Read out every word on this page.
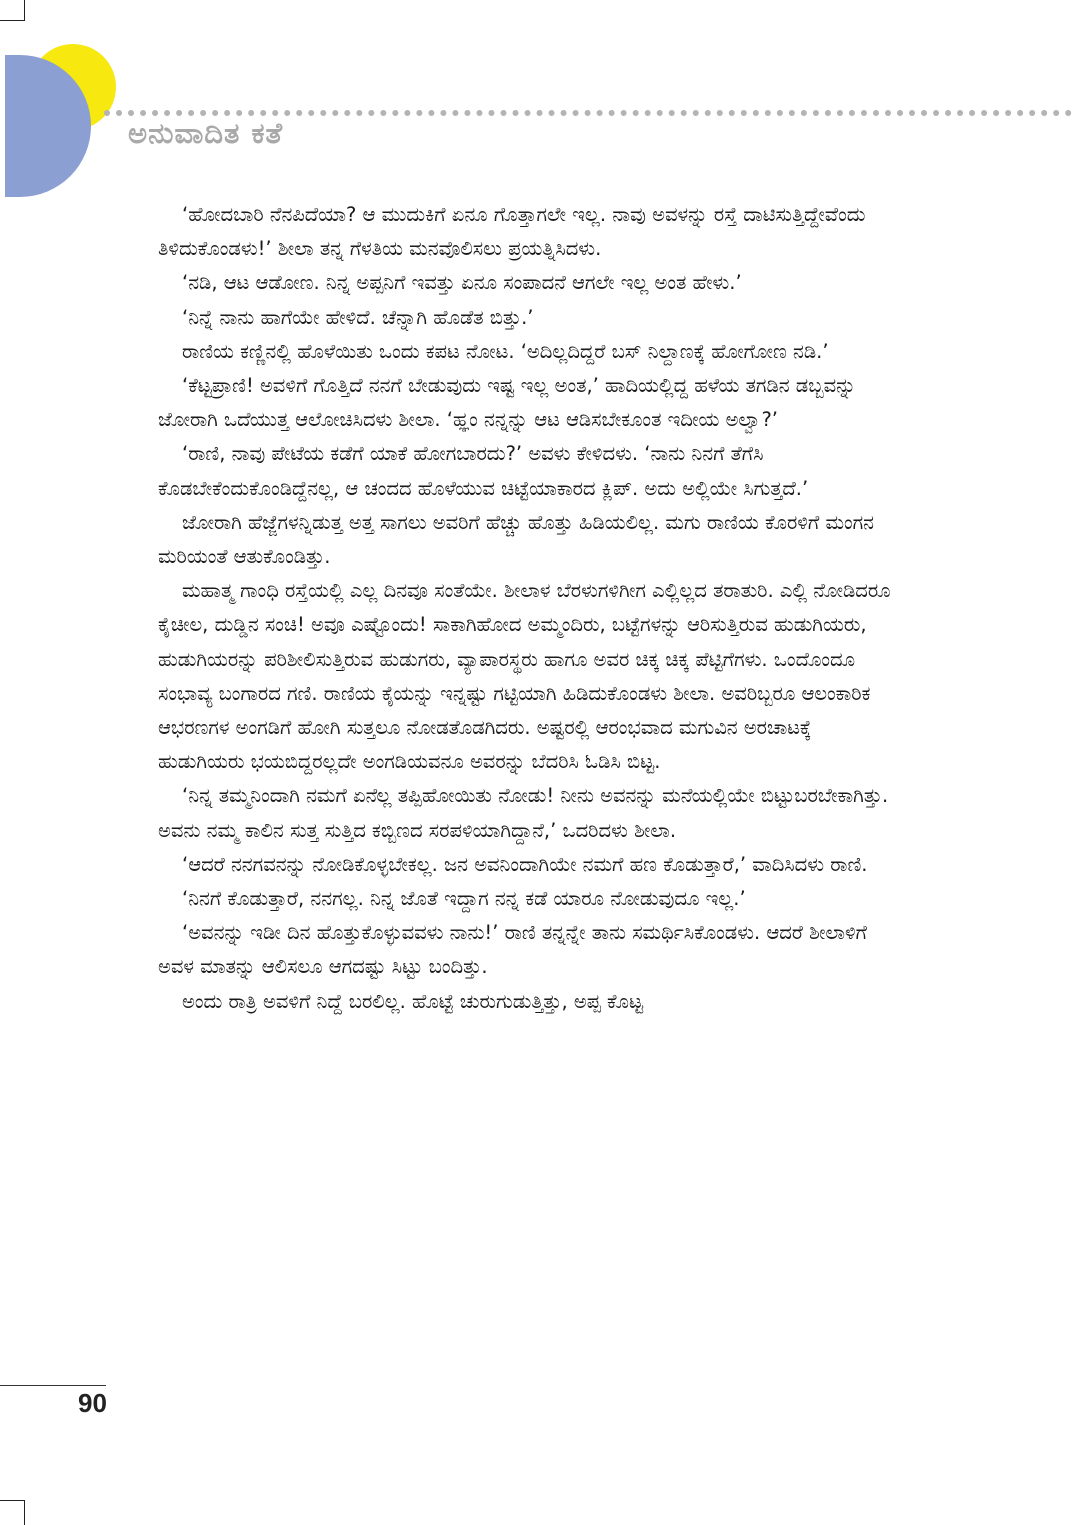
ಅನುವಾದಿತ ಕತೆ

‘ಹೋದಬಾರಿ ನೆನಪಿದೆಯಾ? ಆ ಮುದುಕಿಗೆ ಏನೂ ಗೊತ್ತಾಗಲೇ ಇಲ್ಲ. ನಾವು ಅವಳನ್ನು ರಸ್ತೆ ದಾಟಿಸುತ್ತಿದ್ದೇವೆಂದು ತಿಳಿದುಕೊಂಡಳು!’ ಶೀಲಾ ತನ್ನ ಗೆಳತಿಯ ಮನವೊಲಿಸಲು ಪ್ರಯತ್ನಿಸಿದಳು.

‘ನಡಿ, ಆಟ ಆಡೋಣ. ನಿನ್ನ ಅಪ್ಪನಿಗೆ ಇವತ್ತು ಏನೂ ಸಂಪಾದನೆ ಆಗಲೇ ಇಲ್ಲ ಅಂತ ಹೇಳು.’

‘ನಿನ್ನೆ ನಾನು ಹಾಗೆಯೇ ಹೇಳಿದೆ. ಚೆನ್ನಾಗಿ ಹೊಡೆತ ಬಿತ್ತು.’

ರಾಣಿಯ ಕಣ್ಣಿನಲ್ಲಿ ಹೊಳೆಯಿತು ಒಂದು ಕಪಟ ನೋಟ. ‘ಅದಿಲ್ಲದಿದ್ದರೆ ಬಸ್ ನಿಲ್ದಾಣಕ್ಕೆ ಹೋಗೋಣ ನಡಿ.’

‘ಕೆಟ್ಟಪ್ರಾಣಿ! ಅವಳಿಗೆ ಗೊತ್ತಿದೆ ನನಗೆ ಬೇಡುವುದು ಇಷ್ಟ ಇಲ್ಲ ಅಂತ,’ ಹಾದಿಯಲ್ಲಿದ್ದ ಹಳೆಯ ತಗಡಿನ ಡಬ್ಬವನ್ನು ಜೋರಾಗಿ ಒದೆಯುತ್ತ ಆಲೋಚಿಸಿದಳು ಶೀಲಾ. ‘ಹ್ಞಂ ನನ್ನನ್ನು ಆಟ ಆಡಿಸಬೇಕೂಂತ ಇದೀಯ ಅಲ್ವಾ?’

‘ರಾಣಿ, ನಾವು ಪೇಟೆಯ ಕಡೆಗೆ ಯಾಕೆ ಹೋಗಬಾರದು?’ ಅವಳು ಕೇಳಿದಳು. ‘ನಾನು ನಿನಗೆ ತೆಗೆಸಿ ಕೊಡಬೇಕೆಂದುಕೊಂಡಿದ್ದೆನಲ್ಲ, ಆ ಚಂದದ ಹೊಳೆಯುವ ಚಿಟ್ಟೆಯಾಕಾರದ ಕ್ಲಿಪ್. ಅದು ಅಲ್ಲಿಯೇ ಸಿಗುತ್ತದೆ.’

ಜೋರಾಗಿ ಹೆಜ್ಜೆಗಳನ್ನಿಡುತ್ತ ಅತ್ತ ಸಾಗಲು ಅವರಿಗೆ ಹೆಚ್ಚು ಹೊತ್ತು ಹಿಡಿಯಲಿಲ್ಲ. ಮಗು ರಾಣಿಯ ಕೊರಳಿಗೆ ಮಂಗನ ಮರಿಯಂತೆ ಆತುಕೊಂಡಿತ್ತು.

ಮಹಾತ್ಮ ಗಾಂಧಿ ರಸ್ತೆಯಲ್ಲಿ ಎಲ್ಲ ದಿನವೂ ಸಂತೆಯೇ. ಶೀಲಾಳ ಬೆರಳುಗಳಿಗೀಗ ಎಲ್ಲಿಲ್ಲದ ತರಾತುರಿ. ಎಲ್ಲಿ ನೋಡಿದರೂ ಕೈಚೀಲ, ದುಡ್ಡಿನ ಸಂಚಿ! ಅವೂ ಎಷ್ಟೊಂದು! ಸಾಕಾಗಿಹೋದ ಅಮ್ಮಂದಿರು, ಬಟ್ಟೆಗಳನ್ನು ಆರಿಸುತ್ತಿರುವ ಹುಡುಗಿಯರು, ಹುಡುಗಿಯರನ್ನು ಪರಿಶೀಲಿಸುತ್ತಿರುವ ಹುಡುಗರು, ವ್ಯಾಪಾರಸ್ಥರು ಹಾಗೂ ಅವರ ಚಿಕ್ಕ ಚಿಕ್ಕ ಪೆಟ್ಟಿಗೆಗಳು. ಒಂದೊಂದೂ ಸಂಭಾವ್ಯ ಬಂಗಾರದ ಗಣಿ. ರಾಣಿಯ ಕೈಯನ್ನು ಇನ್ನಷ್ಟು ಗಟ್ಟಿಯಾಗಿ ಹಿಡಿದುಕೊಂಡಳು ಶೀಲಾ. ಅವರಿಬ್ಬರೂ ಆಲಂಕಾರಿಕ ಆಭರಣಗಳ ಅಂಗಡಿಗೆ ಹೋಗಿ ಸುತ್ತಲೂ ನೋಡತೊಡಗಿದರು. ಅಷ್ಟರಲ್ಲಿ ಆರಂಭವಾದ ಮಗುವಿನ ಅರಚಾಟಕ್ಕೆ ಹುಡುಗಿಯರು ಭಯಬಿದ್ದರಲ್ಲದೇ ಅಂಗಡಿಯವನೂ ಅವರನ್ನು ಬೆದರಿಸಿ ಓಡಿಸಿ ಬಿಟ್ಟ.

‘ನಿನ್ನ ತಮ್ಮನಿಂದಾಗಿ ನಮಗೆ ಏನೆಲ್ಲ ತಪ್ಪಿಹೋಯಿತು ನೋಡು! ನೀನು ಅವನನ್ನು ಮನೆಯಲ್ಲಿಯೇ ಬಿಟ್ಟುಬರಬೇಕಾಗಿತ್ತು. ಅವನು ನಮ್ಮ ಕಾಲಿನ ಸುತ್ತ ಸುತ್ತಿದ ಕಬ್ಬಿಣದ ಸರಪಳಿಯಾಗಿದ್ದಾನೆ,’ ಒದರಿದಳು ಶೀಲಾ.

‘ಆದರೆ ನನಗವನನ್ನು ನೋಡಿಕೊಳ್ಳಬೇಕಲ್ಲ. ಜನ ಅವನಿಂದಾಗಿಯೇ ನಮಗೆ ಹಣ ಕೊಡುತ್ತಾರೆ,’ ವಾದಿಸಿದಳು ರಾಣಿ.

‘ನಿನಗೆ ಕೊಡುತ್ತಾರೆ, ನನಗಲ್ಲ. ನಿನ್ನ ಜೊತೆ ಇದ್ದಾಗ ನನ್ನ ಕಡೆ ಯಾರೂ ನೋಡುವುದೂ ಇಲ್ಲ.’

‘ಅವನನ್ನು ಇಡೀ ದಿನ ಹೊತ್ತುಕೊಳ್ಳುವವಳು ನಾನು!’ ರಾಣಿ ತನ್ನನ್ನೇ ತಾನು ಸಮರ್ಥಿಸಿಕೊಂಡಳು. ಆದರೆ ಶೀಲಾಳಿಗೆ ಅವಳ ಮಾತನ್ನು ಆಲಿಸಲೂ ಆಗದಷ್ಟು ಸಿಟ್ಟು ಬಂದಿತ್ತು.

ಅಂದು ರಾತ್ರಿ ಅವಳಿಗೆ ನಿದ್ದೆ ಬರಲಿಲ್ಲ. ಹೊಟ್ಟೆ ಚುರುಗುಡುತ್ತಿತ್ತು, ಅಪ್ಪ ಕೊಟ್ಟ

90
